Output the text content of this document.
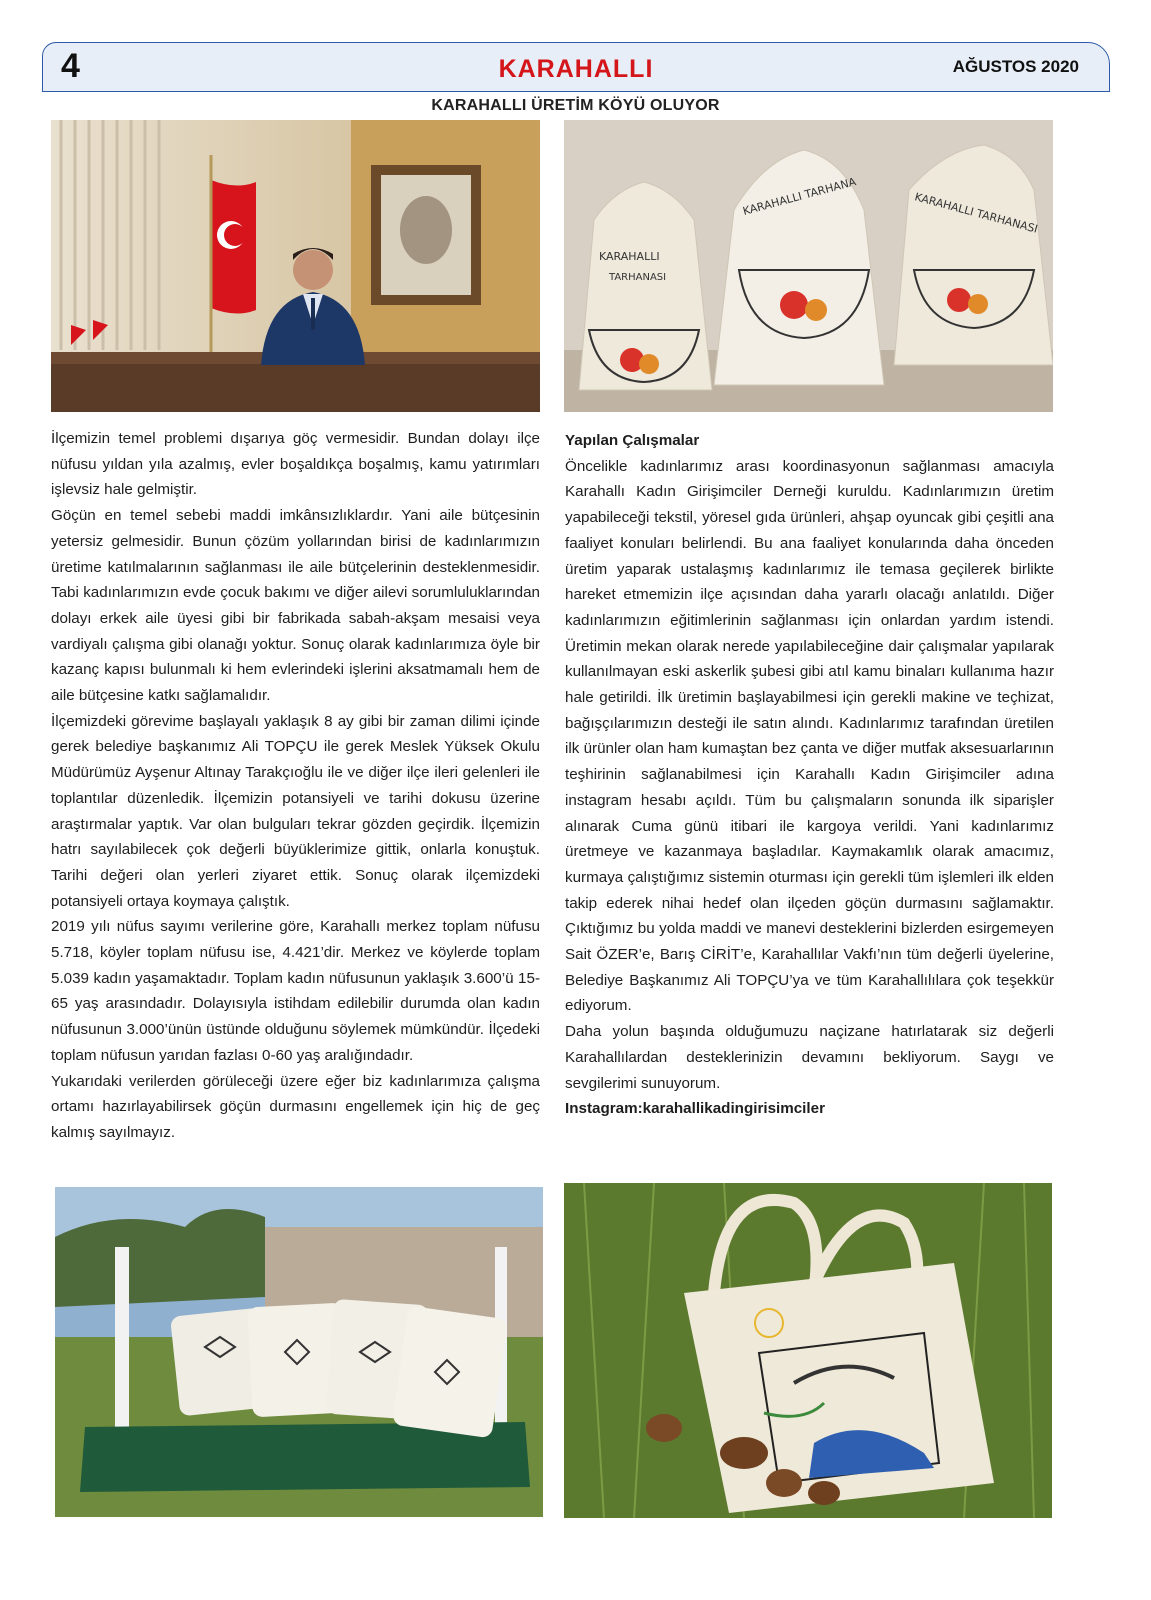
4	KARAHALLI	AĞUSTOS 2020
KARAHALLI ÜRETİM KÖYÜ OLUYOR
KARAHALLI
TARHANASI
KARAHALLI TARHANA	KARAHALLI TARHANASI

İlçemizin temel problemi dışarıya göç vermesidir. Bundan dolayı ilçe nüfusu yıldan yıla azalmış, evler boşaldıkça boşalmış, kamu yatırımları işlevsiz hale gelmiştir.

Göçün en temel sebebi maddi imkânsızlıklardır. Yani aile bütçesinin yetersiz gelmesidir. Bunun çözüm yollarından birisi de kadınlarımızın üretime katılmalarının sağlanması ile aile bütçelerinin desteklenmesidir. Tabi kadınlarımızın evde çocuk bakımı ve diğer ailevi sorumluluklarından dolayı erkek aile üyesi gibi bir fabrikada sabah-akşam mesaisi veya vardiyalı çalışma gibi olanağı yoktur. Sonuç olarak kadınlarımıza öyle bir kazanç kapısı bulunmalı ki hem evlerindeki işlerini aksatmamalı hem de aile bütçesine katkı sağlamalıdır.

İlçemizdeki görevime başlayalı yaklaşık 8 ay gibi bir zaman dilimi içinde gerek belediye başkanımız Ali TOPÇU ile gerek Meslek Yüksek Okulu Müdürümüz Ayşenur Altınay Tarakçıoğlu ile ve diğer ilçe ileri gelenleri ile toplantılar düzenledik. İlçemizin potansiyeli ve tarihi dokusu üzerine araştırmalar yaptık. Var olan bulguları tekrar gözden geçirdik. İlçemizin hatrı sayılabilecek çok değerli büyüklerimize gittik, onlarla konuştuk. Tarihi değeri olan yerleri ziyaret ettik. Sonuç olarak ilçemizdeki potansiyeli ortaya koymaya çalıştık.

2019 yılı nüfus sayımı verilerine göre, Karahallı merkez toplam nüfusu 5.718, köyler toplam nüfusu ise, 4.421’dir. Merkez ve köylerde toplam 5.039 kadın yaşamaktadır. Toplam kadın nüfusunun yaklaşık 3.600’ü 15-65 yaş arasındadır. Dolayısıyla istihdam edilebilir durumda olan kadın nüfusunun 3.000’ünün üstünde olduğunu söylemek mümkündür. İlçedeki toplam nüfusun yarıdan fazlası 0-60 yaş aralığındadır.

Yukarıdaki verilerden görüleceği üzere eğer biz kadınlarımıza çalışma ortamı hazırlayabilirsek göçün durmasını engellemek için hiç de geç kalmış sayılmayız.

Yapılan Çalışmalar

Öncelikle kadınlarımız arası koordinasyonun sağlanması amacıyla Karahallı Kadın Girişimciler Derneği kuruldu. Kadınlarımızın üretim yapabileceği tekstil, yöresel gıda ürünleri, ahşap oyuncak gibi çeşitli ana faaliyet konuları belirlendi. Bu ana faaliyet konularında daha önceden üretim yaparak ustalaşmış kadınlarımız ile temasa geçilerek birlikte hareket etmemizin ilçe açısından daha yararlı olacağı anlatıldı. Diğer kadınlarımızın eğitimlerinin sağlanması için onlardan yardım istendi. Üretimin mekan olarak nerede yapılabileceğine dair çalışmalar yapılarak kullanılmayan eski askerlik şubesi gibi atıl kamu binaları kullanıma hazır hale getirildi. İlk üretimin başlayabilmesi için gerekli makine ve teçhizat, bağışçılarımızın desteği ile satın alındı. Kadınlarımız tarafından üretilen ilk ürünler olan ham kumaştan bez çanta ve diğer mutfak aksesuarlarının teşhirinin sağlanabilmesi için Karahallı Kadın Girişimciler adına instagram hesabı açıldı. Tüm bu çalışmaların sonunda ilk siparişler alınarak Cuma günü itibari ile kargoya verildi. Yani kadınlarımız üretmeye ve kazanmaya başladılar. Kaymakamlık olarak amacımız, kurmaya çalıştığımız sistemin oturması için gerekli tüm işlemleri ilk elden takip ederek nihai hedef olan ilçeden göçün durmasını sağlamaktır. Çıktığımız bu yolda maddi ve manevi desteklerini bizlerden esirgemeyen Sait ÖZER’e, Barış CİRİT’e, Karahallılar Vakfı’nın tüm değerli üyelerine, Belediye Başkanımız Ali TOPÇU’ya ve tüm Karahallılılara çok teşekkür ediyorum.

Daha yolun başında olduğumuzu naçizane hatırlatarak siz değerli Karahallılardan desteklerinizin devamını bekliyorum. Saygı ve sevgilerimi sunuyorum.

Instagram:karahallikadingirisimciler
